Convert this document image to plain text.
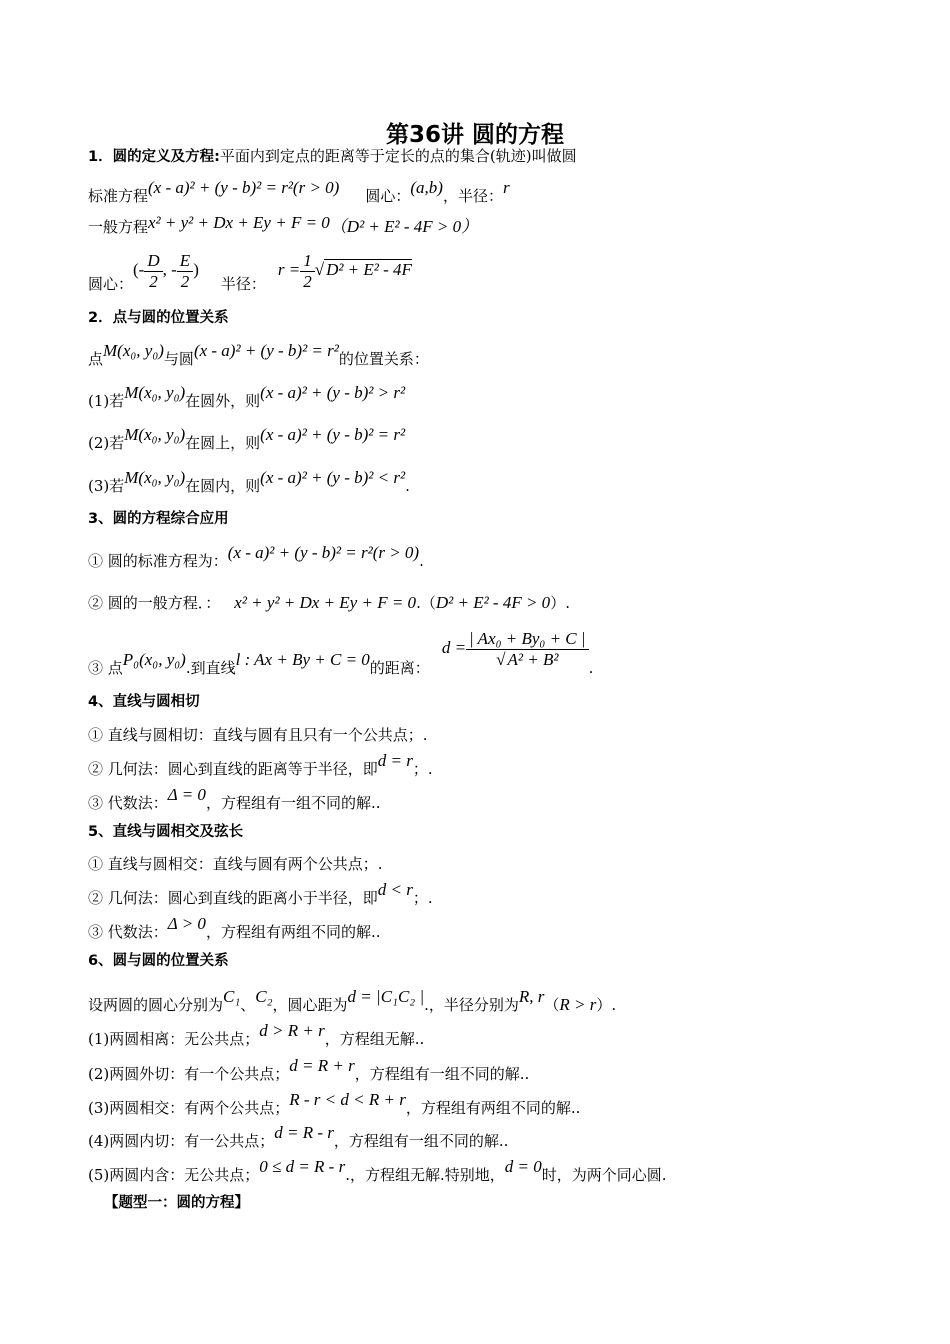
第36讲 圆的方程
1．圆的定义及方程:平面内到定点的距离等于定长的点的集合(轨迹)叫做圆
标准方程(x - a)² + (y - b)² = r²(r > 0) 圆心：(a,b)，半径：r
一般方程x² + y² + Dx + Ey + F = 0（D² + E² - 4F > 0）
圆心：(- $\frac{D}{2}$ , - $\frac{E}{2}$ )半径：$r = \frac{1}{2}$ √ D² + E² - 4F
2．点与圆的位置关系
点M(x₀, y₀)与圆(x - a)² + (y - b)² = r²的位置关系：
(1)若M(x₀, y₀)在圆外，则(x - a)² + (y - b)² > r²
(2)若M(x₀, y₀)在圆上，则(x - a)² + (y - b)² = r²
(3)若M(x₀, y₀)在圆内，则(x - a)² + (y - b)² < r².
3、圆的方程综合应用
① 圆的标准方程为：(x - a)² + (y - b)² = r²(r > 0).
② 圆的一般方程．： x² + y² + Dx + Ey + F = 0.（D² + E² - 4F > 0）.
③ 点P₀(x₀, y₀).到直线l : Ax + By + C = 0的距离：$d = \frac{\text{| Ax₀ + By₀ + C |}}{\text{√ A² + B²}}$ .
4、直线与圆相切
① 直线与圆相切：直线与圆有且只有一个公共点；.
② 几何法：圆心到直线的距离等于半径，即d = r；.
③ 代数法：Δ = 0，方程组有一组不同的解..
5、直线与圆相交及弦长
① 直线与圆相交：直线与圆有两个公共点；.
② 几何法：圆心到直线的距离小于半径，即d < r；.
③ 代数法：Δ > 0，方程组有两组不同的解..
6、圆与圆的位置关系
设两圆的圆心分别为C₁、C₂，圆心距为d = |C₁C₂ |.，半径分别为R, r（R > r）.
(1)两圆相离：无公共点；d > R + r，方程组无解..
(2)两圆外切：有一个公共点；d = R + r，方程组有一组不同的解..
(3)两圆相交：有两个公共点；R - r < d < R + r，方程组有两组不同的解..
(4)两圆内切：有一公共点；d = R - r，方程组有一组不同的解..
(5)两圆内含：无公共点；0 ≤ d = R - r.，方程组无解.特别地，d = 0时，为两个同心圆.
【题型一：圆的方程】
